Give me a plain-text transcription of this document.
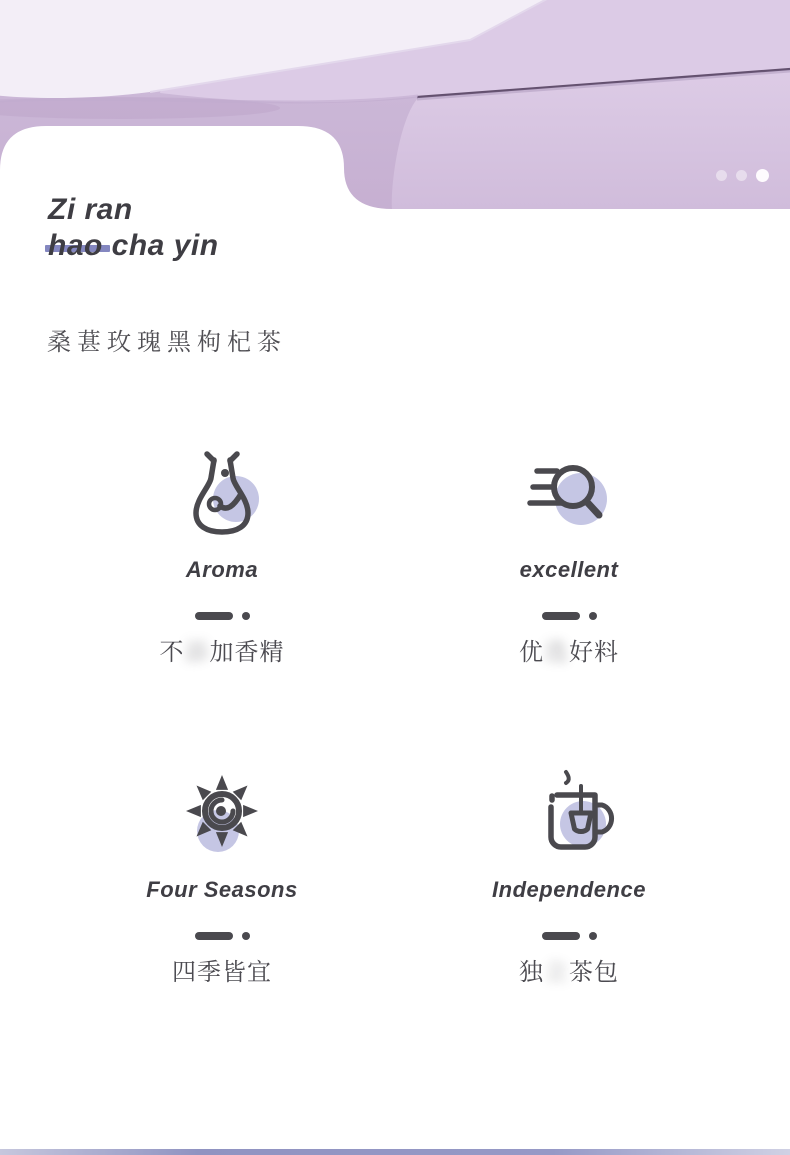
Zi ran
hao cha yin
桑葚玫瑰黑枸杞茶
Aroma
不添加香精
excellent
优选好料
Four Seasons
四季皆宜
Independence
独立茶包
